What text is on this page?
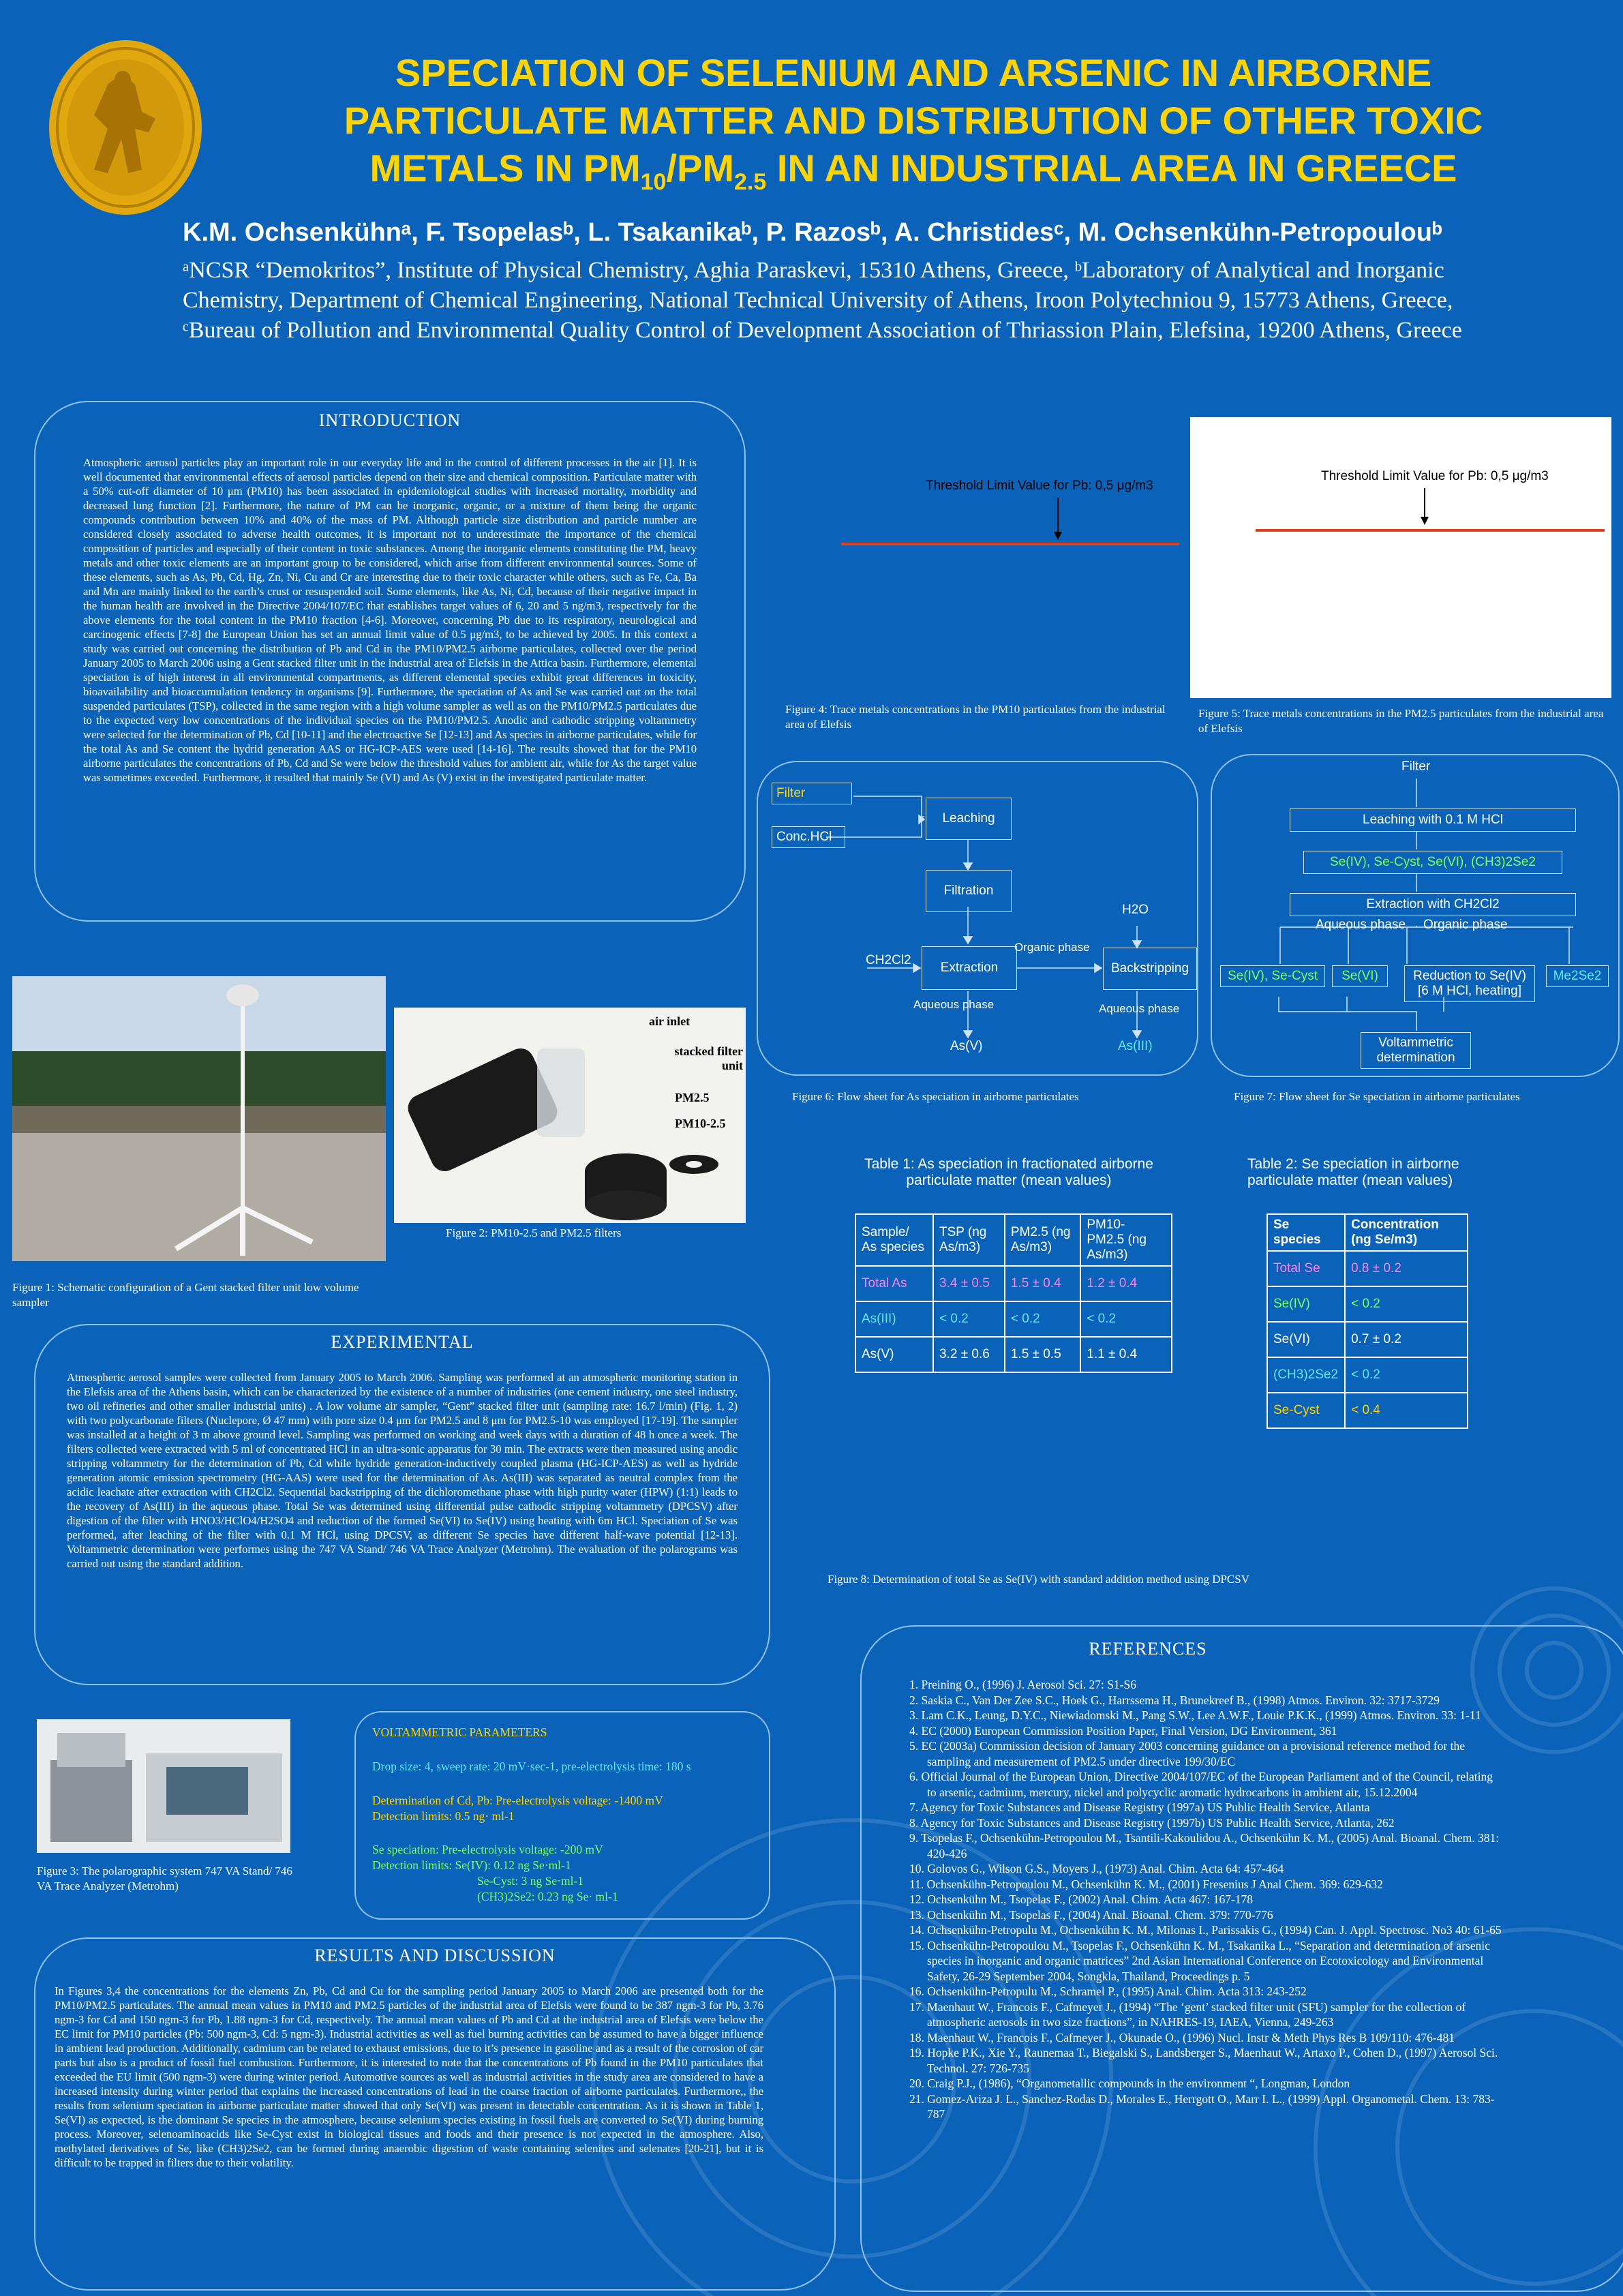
SPECIATION OF SELENIUM AND ARSENIC IN AIRBORNE
PARTICULATE MATTER AND DISTRIBUTION OF OTHER TOXIC
METALS IN $PM_{10}/PM_{2.5}$ IN AN INDUSTRIAL AREA IN GREECE
K.M. Ochsenkühnᵃ, F. Tsopelasᵇ, L. Tsakanikaᵇ, P. Razosᵇ, A. Christidesᶜ, M. Ochsenkühn-Petropoulouᵇ
ᵃNCSR “Demokritos”, Institute of Physical Chemistry, Aghia Paraskevi, 15310 Athens, Greece, ᵇLaboratory of Analytical and Inorganic
Chemistry, Department of Chemical Engineering, National Technical University of Athens, Iroon Polytechniou 9, 15773 Athens, Greece,
ᶜBureau of Pollution and Environmental Quality Control of Development Association of Thriassion Plain, Elefsina, 19200 Athens, Greece
INTRODUCTION
Atmospheric aerosol particles play an important role in our everyday life and in the control of different processes in the air [1]. It is well documented that environmental effects of aerosol particles depend on their size and chemical composition. Particulate matter with a 50% cut-off diameter of 10 μm (PM10) has been associated in epidemiological studies with increased mortality, morbidity and decreased lung function [2]. Furthermore, the nature of PM can be inorganic, organic, or a mixture of them being the organic compounds contribution between 10% and 40% of the mass of PM. Although particle size distribution and particle number are considered closely associated to adverse health outcomes, it is important not to underestimate the importance of the chemical composition of particles and especially of their content in toxic substances. Among the inorganic elements constituting the PM, heavy metals and other toxic elements are an important group to be considered, which arise from different environmental sources. Some of these elements, such as As, Pb, Cd, Hg, Zn, Ni, Cu and Cr are interesting due to their toxic character while others, such as Fe, Ca, Ba and Mn are mainly linked to the earth’s crust or resuspended soil. Some elements, like As, Ni, Cd, because of their negative impact in the human health are involved in the Directive 2004/107/EC that establishes target values of 6, 20 and 5 ng/m3, respectively for the above elements for the total content in the PM10 fraction [4-6]. Moreover, concerning Pb due to its respiratory, neurological and carcinogenic effects [7-8] the European Union has set an annual limit value of 0.5 μg/m3, to be achieved by 2005. In this context a study was carried out concerning the distribution of Pb and Cd in the PM10/PM2.5 airborne particulates, collected over the period January 2005 to March 2006 using a Gent stacked filter unit in the industrial area of Elefsis in the Attica basin. Furthermore, elemental speciation is of high interest in all environmental compartments, as different elemental species exhibit great differences in toxicity, bioavailability and bioaccumulation tendency in organisms [9]. Furthermore, the speciation of As and Se was carried out on the total suspended particulates (TSP), collected in the same region with a high volume sampler as well as on the PM10/PM2.5 particulates due to the expected very low concentrations of the individual species on the PM10/PM2.5. Anodic and cathodic stripping voltammetry were selected for the determination of Pb, Cd [10-11] and the electroactive Se [12-13] and As species in airborne particulates, while for the total As and Se content the hydrid generation AAS or HG-ICP-AES were used [14-16]. The results showed that for the PM10 airborne particulates the concentrations of Pb, Cd and Se were below the threshold values for ambient air, while for As the target value was sometimes exceeded. Furthermore, it resulted that mainly Se (VI) and As (V) exist in the investigated particulate matter.
Figure 1: Schematic configuration of a Gent stacked filter unit low volume sampler
air inlet
stacked filter unit
PM2.5
PM10-2.5
Figure 2: PM10-2.5 and PM2.5 filters
EXPERIMENTAL
Atmospheric aerosol samples were collected from January 2005 to March 2006. Sampling was performed at an atmospheric monitoring station in the Elefsis area of the Athens basin, which can be characterized by the existence of a number of industries (one cement industry, one steel industry, two oil refineries and other smaller industrial units) . A low volume air sampler, “Gent” stacked filter unit (sampling rate: 16.7 l/min) (Fig. 1, 2) with two polycarbonate filters (Nuclepore, Ø 47 mm) with pore size 0.4 μm for PM2.5 and 8 μm for PM2.5-10 was employed [17-19]. The sampler was installed at a height of 3 m above ground level. Sampling was performed on working and week days with a duration of 48 h once a week. The filters collected were extracted with 5 ml of concentrated HCl in an ultra-sonic apparatus for 30 min. The extracts were then measured using anodic stripping voltammetry for the determination of Pb, Cd while hydride generation-inductively coupled plasma (HG-ICP-AES) as well as hydride generation atomic emission spectrometry (HG-AAS) were used for the determination of As. As(III) was separated as neutral complex from the acidic leachate after extraction with CH2Cl2. Sequential backstripping of the dichloromethane phase with high purity water (HPW) (1:1) leads to the recovery of As(III) in the aqueous phase. Total Se was determined using differential pulse cathodic stripping voltammetry (DPCSV) after digestion of the filter with HNO3/HClO4/H2SO4 and reduction of the formed Se(VI) to Se(IV) using heating with 6m HCl. Speciation of Se was performed, after leaching of the filter with 0.1 M HCl, using DPCSV, as different Se species have different half-wave potential [12-13]. Voltammetric determination were performes using the 747 VA Stand/ 746 VA Trace Analyzer (Metrohm). The evaluation of the polarograms was carried out using the standard addition.
Figure 3: The polarographic system 747 VA Stand/ 746 VA Trace Analyzer (Metrohm)
VOLTAMMETRIC PARAMETERS
Drop size: 4, sweep rate: 20 mV·sec-1, pre-electrolysis time: 180 s
Determination of Cd, Pb: Pre-electrolysis voltage: -1400 mV
Detection limits: 0.5 ng· ml-1
Se speciation: Pre-electrolysis voltage: -200 mV
Detection limits: Se(IV): 0.12 ng Se·ml-1
Se-Cyst: 3 ng Se·ml-1
(CH3)2Se2: 0.23 ng Se· ml-1
RESULTS AND DISCUSSION
In Figures 3,4 the concentrations for the elements Zn, Pb, Cd and Cu for the sampling period January 2005 to March 2006 are presented both for the PM10/PM2.5 particulates. The annual mean values in PM10 and PM2.5 particles of the industrial area of Elefsis were found to be 387 ngm-3 for Pb, 3.76 ngm-3 for Cd and 150 ngm-3 for Pb, 1.88 ngm-3 for Cd, respectively. The annual mean values of Pb and Cd at the industrial area of Elefsis were below the EC limit for PM10 particles (Pb: 500 ngm-3, Cd: 5 ngm-3). Industrial activities as well as fuel burning activities can be assumed to have a bigger influence in ambient lead production. Additionally, cadmium can be related to exhaust emissions, due to it’s presence in gasoline and as a result of the corrosion of car parts but also is a product of fossil fuel combustion. Furthermore, it is interested to note that the concentrations of Pb found in the PM10 particulates that exceeded the EU limit (500 ngm-3) were during winter period. Automotive sources as well as industrial activities in the study area are considered to have a increased intensity during winter period that explains the increased concentrations of lead in the coarse fraction of airborne particulates. Furthermore,, the results from selenium speciation in airborne particulate matter showed that only Se(VI) was present in detectable concentration. As it is shown in Table 1, Se(VI) as expected, is the dominant Se species in the atmosphere, because selenium species existing in fossil fuels are converted to Se(VI) during burning process. Moreover, selenoaminoacids like Se-Cyst exist in biological tissues and foods and their presence is not expected in the atmosphere. Also, methylated derivatives of Se, like (CH3)2Se2, can be formed during anaerobic digestion of waste containing selenites and selenates [20-21], but it is difficult to be trapped in filters due to their volatility.
Threshold Limit Value for Pb: 0,5 μg/m3
Figure 4: Trace metals concentrations in the PM10 particulates from the industrial area of Elefsis
Threshold Limit Value for Pb: 0,5 μg/m3
Figure 5: Trace metals concentrations in the PM2.5 particulates from the industrial area of Elefsis
Filter
Conc.HCl
Leaching
Filtration
CH2Cl2
Extraction
Organic phase
H2O
Backstripping
Aqueous phase	Aqueous phase
As(V)	As(III)
Figure 6: Flow sheet for As speciation in airborne particulates
Filter
Leaching with 0.1 M HCl
Se(IV), Se-Cyst, Se(VI), (CH3)2Se2
Extraction with CH2Cl2
Aqueous phase Organic phase
Se(IV), Se-Cyst	Se(VI)	Reduction to Se(IV)
[6 M HCl, heating]
Me2Se2
Voltammetric
determination
Figure 7: Flow sheet for Se speciation in airborne particulates
Table 1: As speciation in fractionated airborne
particulate matter (mean values)
Sample/ As species	TSP (ng As/m3)	PM2.5 (ng As/m3)	PM10- PM2.5 (ng As/m3)
Total As	3.4 ± 0.5	1.5 ± 0.4	1.2 ± 0.4
As(III)	< 0.2	< 0.2	< 0.2
As(V)	3.2 ± 0.6	1.5 ± 0.5	1.1 ± 0.4
Table 2: Se speciation in airborne
particulate matter (mean values)
Se species	Concentration (ng Se/m3)
Total Se	0.8 ± 0.2
Se(IV)	< 0.2
Se(VI)	0.7 ± 0.2
(CH3)2Se2	< 0.2
Se-Cyst	< 0.4
Figure 8: Determination of total Se as Se(IV) with standard addition method using DPCSV
REFERENCES
1. Preining O., (1996) J. Aerosol Sci. 27: S1-S6
2. Saskia C., Van Der Zee S.C., Hoek G., Harrssema H., Brunekreef B., (1998) Atmos. Environ. 32: 3717-3729
3. Lam C.K., Leung, D.Y.C., Niewiadomski M., Pang S.W., Lee A.W.F., Louie P.K.K., (1999) Atmos. Environ. 33: 1-11
4. EC (2000) European Commission Position Paper, Final Version, DG Environment, 361
5. EC (2003a) Commission decision of January 2003 concerning guidance on a provisional reference method for the sampling and measurement of PM2.5 under directive 199/30/EC
6. Official Journal of the European Union, Directive 2004/107/EC of the European Parliament and of the Council, relating to arsenic, cadmium, mercury, nickel and polycyclic aromatic hydrocarbons in ambient air, 15.12.2004
7. Agency for Toxic Substances and Disease Registry (1997a) US Public Health Service, Atlanta
8. Agency for Toxic Substances and Disease Registry (1997b) US Public Health Service, Atlanta, 262
9. Tsopelas F., Ochsenkühn-Petropoulou M., Tsantili-Kakoulidou A., Ochsenkühn K. M., (2005) Anal. Bioanal. Chem. 381: 420-426
10. Golovos G., Wilson G.S., Moyers J., (1973) Anal. Chim. Acta 64: 457-464
11. Ochsenkühn-Petropoulou M., Ochsenkühn K. M., (2001) Fresenius J Anal Chem. 369: 629-632
12. Ochsenkühn M., Tsopelas F., (2002) Anal. Chim. Acta 467: 167-178
13. Ochsenkühn M., Tsopelas F., (2004) Anal. Bioanal. Chem. 379: 770-776
14. Ochsenkühn-Petropulu M., Ochsenkühn K. M., Milonas I., Parissakis G., (1994) Can. J. Appl. Spectrosc. No3 40: 61-65
15. Ochsenkühn-Petropoulou M., Tsopelas F., Ochsenkühn K. M., Tsakanika L., “Separation and determination of arsenic species in inorganic and organic matrices” 2nd Asian International Conference on Ecotoxicology and Environmental Safety, 26-29 September 2004, Songkla, Thailand, Proceedings p. 5
16. Ochsenkühn-Petropulu M., Schramel P., (1995) Anal. Chim. Acta 313: 243-252
17. Maenhaut W., Francois F., Cafmeyer J., (1994) “The ‘gent’ stacked filter unit (SFU) sampler for the collection of atmospheric aerosols in two size fractions”, in NAHRES-19, IAEA, Vienna, 249-263
18. Maenhaut W., Francois F., Cafmeyer J., Okunade O., (1996) Nucl. Instr & Meth Phys Res B 109/110: 476-481
19. Hopke P.K., Xie Y., Raunemaa T., Biegalski S., Landsberger S., Maenhaut W., Artaxo P., Cohen D., (1997) Aerosol Sci. Technol. 27: 726-735
20. Craig P.J., (1986), “Organometallic compounds in the environment “, Longman, London
21. Gomez-Ariza J. L., Sanchez-Rodas D., Morales E., Herrgott O., Marr I. L., (1999) Appl. Organometal. Chem. 13: 783-787
